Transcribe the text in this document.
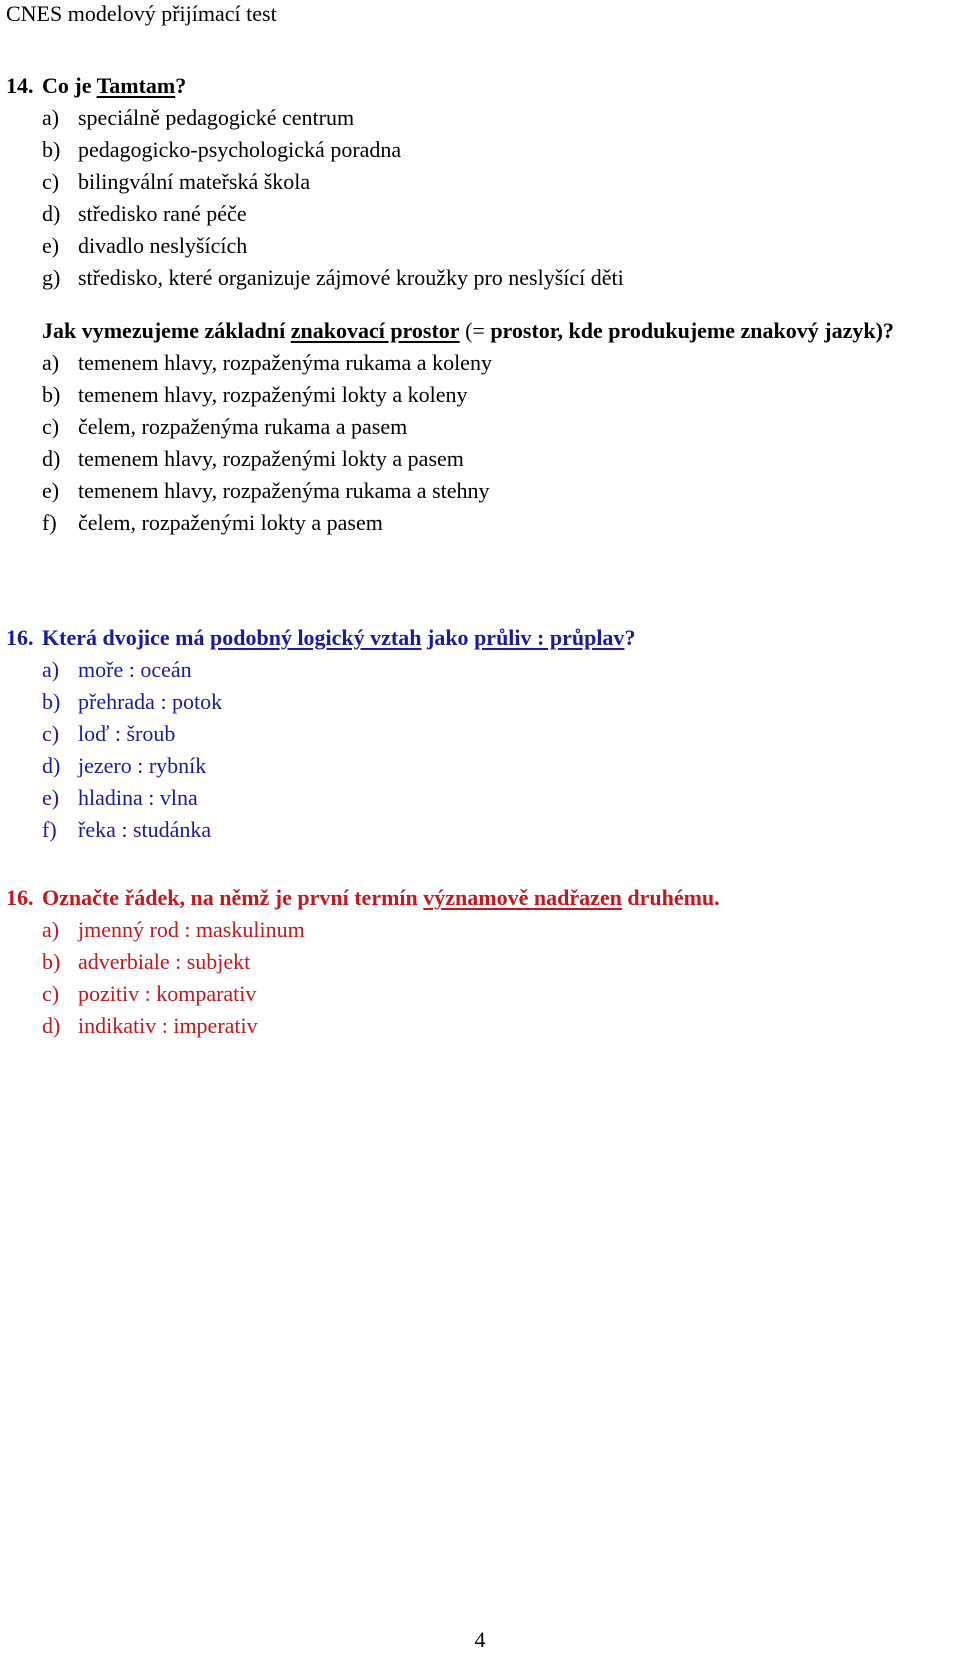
CNES modelový přijímací test
14. Co je Tamtam?
a) speciálně pedagogické centrum
b) pedagogicko-psychologická poradna
c) bilingvální mateřská škola
d) středisko rané péče
e) divadlo neslyšících
g) středisko, které organizuje zájmové kroužky pro neslyšící děti
Jak vymezujeme základní znakovací prostor (= prostor, kde produkujeme znakový jazyk)?
a) temenem hlavy, rozpaženýma rukama a koleny
b) temenem hlavy, rozpaženými lokty a koleny
c) čelem, rozpaženýma rukama a pasem
d) temenem hlavy, rozpaženými lokty a pasem
e) temenem hlavy, rozpaženýma rukama a stehny
f) čelem, rozpaženými lokty a pasem
16. Která dvojice má podobný logický vztah jako průliv : průplav?
a) moře : oceán
b) přehrada : potok
c) loď : šroub
d) jezero : rybník
e) hladina : vlna
f) řeka : studánka
16. Označte řádek, na němž je první termín významově nadřazen druhému.
a) jmenný rod : maskulinum
b) adverbiale : subjekt
c) pozitiv : komparativ
d) indikativ : imperativ
4
